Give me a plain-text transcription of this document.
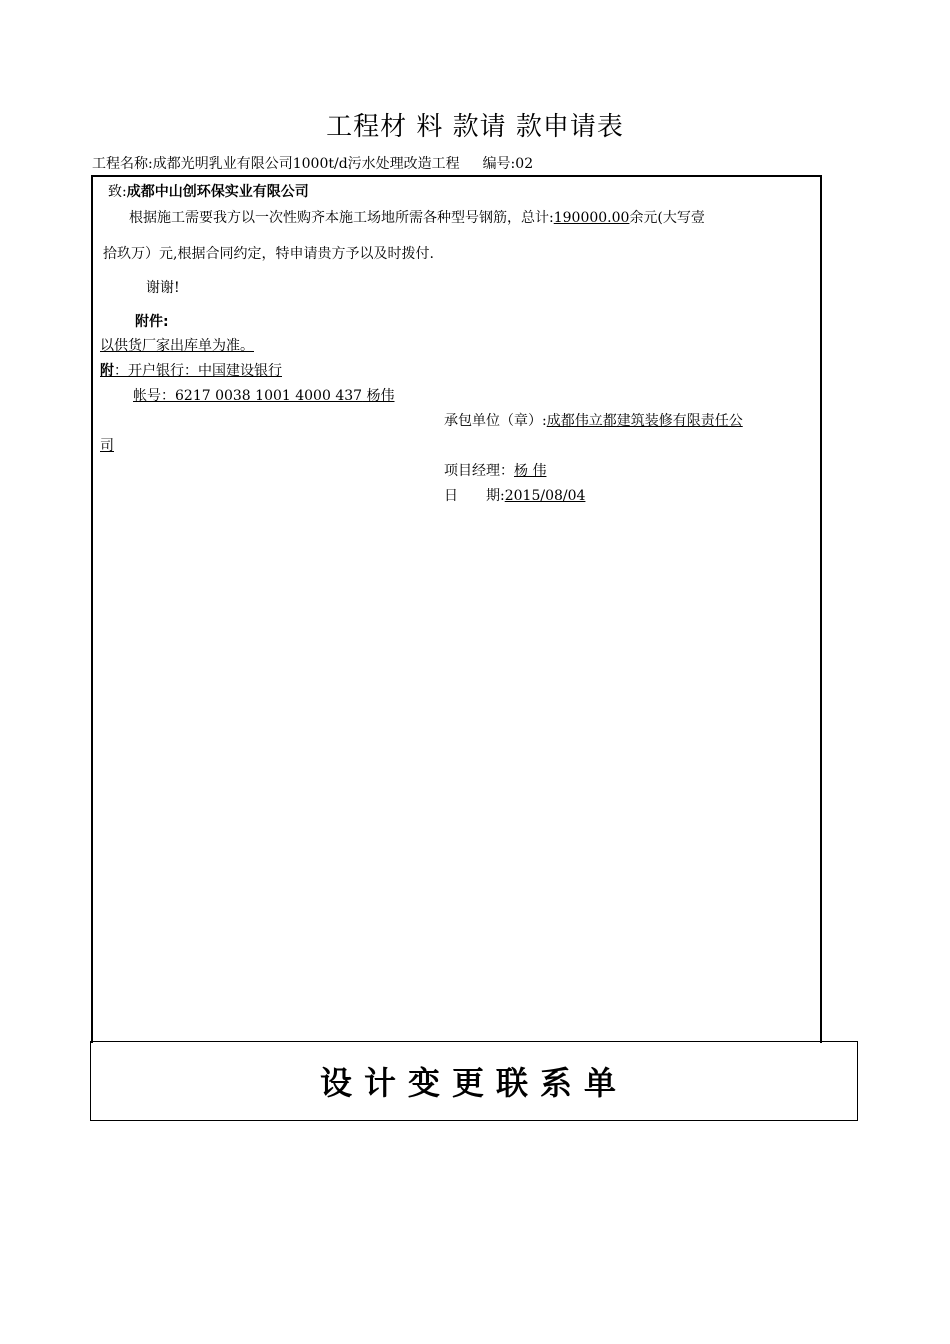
工程材 料 款请 款申请表
工程名称:成都光明乳业有限公司1000t/d污水处理改造工程 编号:02
致:成都中山创环保实业有限公司
根据施工需要我方以一次性购齐本施工场地所需各种型号钢筋，总计:190000.00余元(大写壹
拾玖万）元,根据合同约定，特申请贵方予以及时拨付.
谢谢!
附件:
以供货厂家出库单为准。
附：开户银行：中国建设银行
帐号：6217 0038 1001 4000 437 杨伟
承包单位（章）:成都伟立都建筑装修有限责任公
司
项目经理：杨 伟
日　　期:2015/08/04
设计变更联系单
